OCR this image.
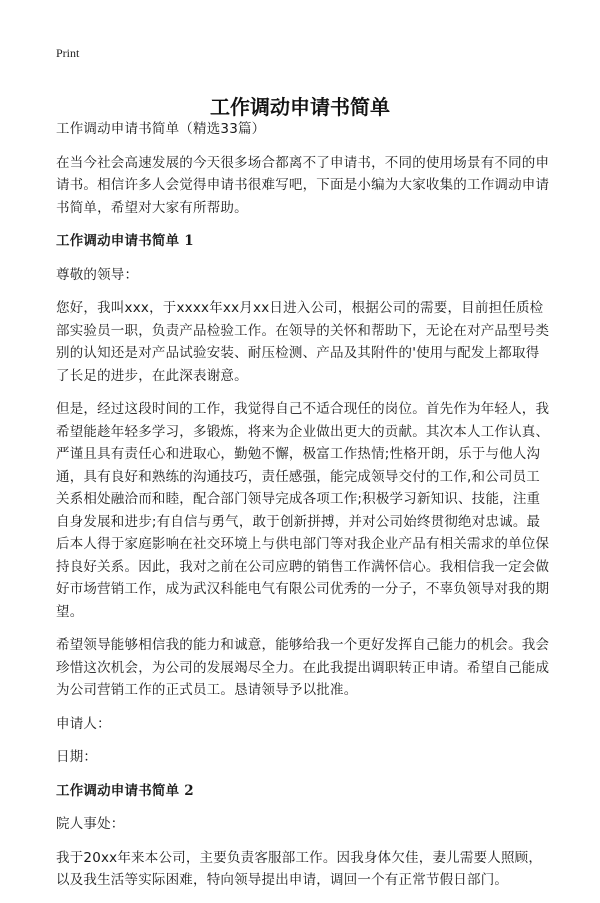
Print
工作调动申请书简单

工作调动申请书简单（精选33篇）

在当今社会高速发展的今天很多场合都离不了申请书，不同的使用场景有不同的申请书。相信许多人会觉得申请书很难写吧，下面是小编为大家收集的工作调动申请书简单，希望对大家有所帮助。

工作调动申请书简单 1

尊敬的领导：

您好，我叫xxx，于xxxx年xx月xx日进入公司，根据公司的需要，目前担任质检部实验员一职，负责产品检验工作。在领导的关怀和帮助下，无论在对产品型号类别的认知还是对产品试验安装、耐压检测、产品及其附件的'使用与配发上都取得了长足的进步，在此深表谢意。

但是，经过这段时间的工作，我觉得自己不适合现任的岗位。首先作为年轻人，我希望能趁年轻多学习，多锻炼，将来为企业做出更大的贡献。其次本人工作认真、严谨且具有责任心和进取心，勤勉不懈，极富工作热情;性格开朗，乐于与他人沟通，具有良好和熟练的沟通技巧，责任感强，能完成领导交付的工作,和公司员工关系相处融洽而和睦，配合部门领导完成各项工作;积极学习新知识、技能，注重自身发展和进步;有自信与勇气，敢于创新拼搏，并对公司始终贯彻绝对忠诚。最后本人得于家庭影响在社交环境上与供电部门等对我企业产品有相关需求的单位保持良好关系。因此，我对之前在公司应聘的销售工作满怀信心。我相信我一定会做好市场营销工作，成为武汉科能电气有限公司优秀的一分子，不辜负领导对我的期望。

希望领导能够相信我的能力和诚意，能够给我一个更好发挥自己能力的机会。我会珍惜这次机会，为公司的发展竭尽全力。在此我提出调职转正申请。希望自己能成为公司营销工作的正式员工。恳请领导予以批准。

申请人：

日期：

工作调动申请书简单 2

院人事处：

我于20xx年来本公司，主要负责客服部工作。因我身体欠佳，妻儿需要人照顾，以及我生活等实际困难，特向领导提出申请，调回一个有正常节假日部门。
